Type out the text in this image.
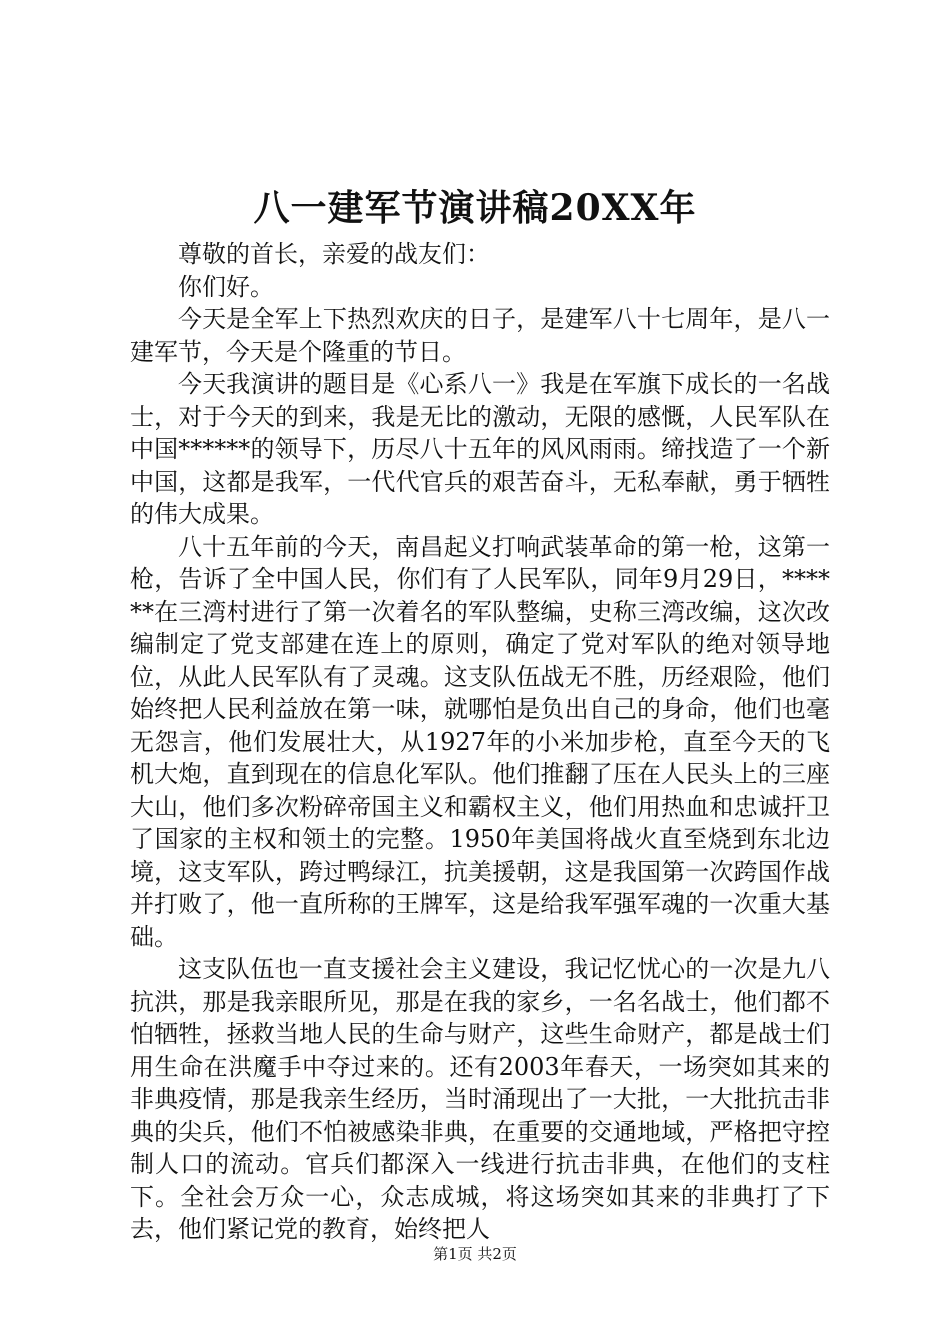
八一建军节演讲稿20XX年

尊敬的首长，亲爱的战友们：

你们好。

今天是全军上下热烈欢庆的日子，是建军八十七周年，是八一建军节，今天是个隆重的节日。

今天我演讲的题目是《心系八一》我是在军旗下成长的一名战士，对于今天的到来，我是无比的激动，无限的感慨，人民军队在中国******的领导下，历尽八十五年的风风雨雨。缔找造了一个新中国，这都是我军，一代代官兵的艰苦奋斗，无私奉献，勇于牺牲的伟大成果。

八十五年前的今天，南昌起义打响武装革命的第一枪，这第一枪，告诉了全中国人民，你们有了人民军队，同年9月29日，******在三湾村进行了第一次着名的军队整编，史称三湾改编，这次改编制定了党支部建在连上的原则，确定了党对军队的绝对领导地位，从此人民军队有了灵魂。这支队伍战无不胜，历经艰险，他们始终把人民利益放在第一味，就哪怕是负出自己的身命，他们也毫无怨言，他们发展壮大，从1927年的小米加步枪，直至今天的飞机大炮，直到现在的信息化军队。他们推翻了压在人民头上的三座大山，他们多次粉碎帝国主义和霸权主义，他们用热血和忠诚扞卫了国家的主权和领土的完整。1950年美国将战火直至烧到东北边境，这支军队，跨过鸭绿江，抗美援朝，这是我国第一次跨国作战并打败了，他一直所称的王牌军，这是给我军强军魂的一次重大基础。

这支队伍也一直支援社会主义建设，我记忆忧心的一次是九八抗洪，那是我亲眼所见，那是在我的家乡，一名名战士，他们都不怕牺牲，拯救当地人民的生命与财产，这些生命财产，都是战士们用生命在洪魔手中夺过来的。还有2003年春天，一场突如其来的非典疫情，那是我亲生经历，当时涌现出了一大批，一大批抗击非典的尖兵，他们不怕被感染非典，在重要的交通地域，严格把守控制人口的流动。官兵们都深入一线进行抗击非典，在他们的支柱下。全社会万众一心，众志成城，将这场突如其来的非典打了下去，他们紧记党的教育，始终把人

第1页 共2页
